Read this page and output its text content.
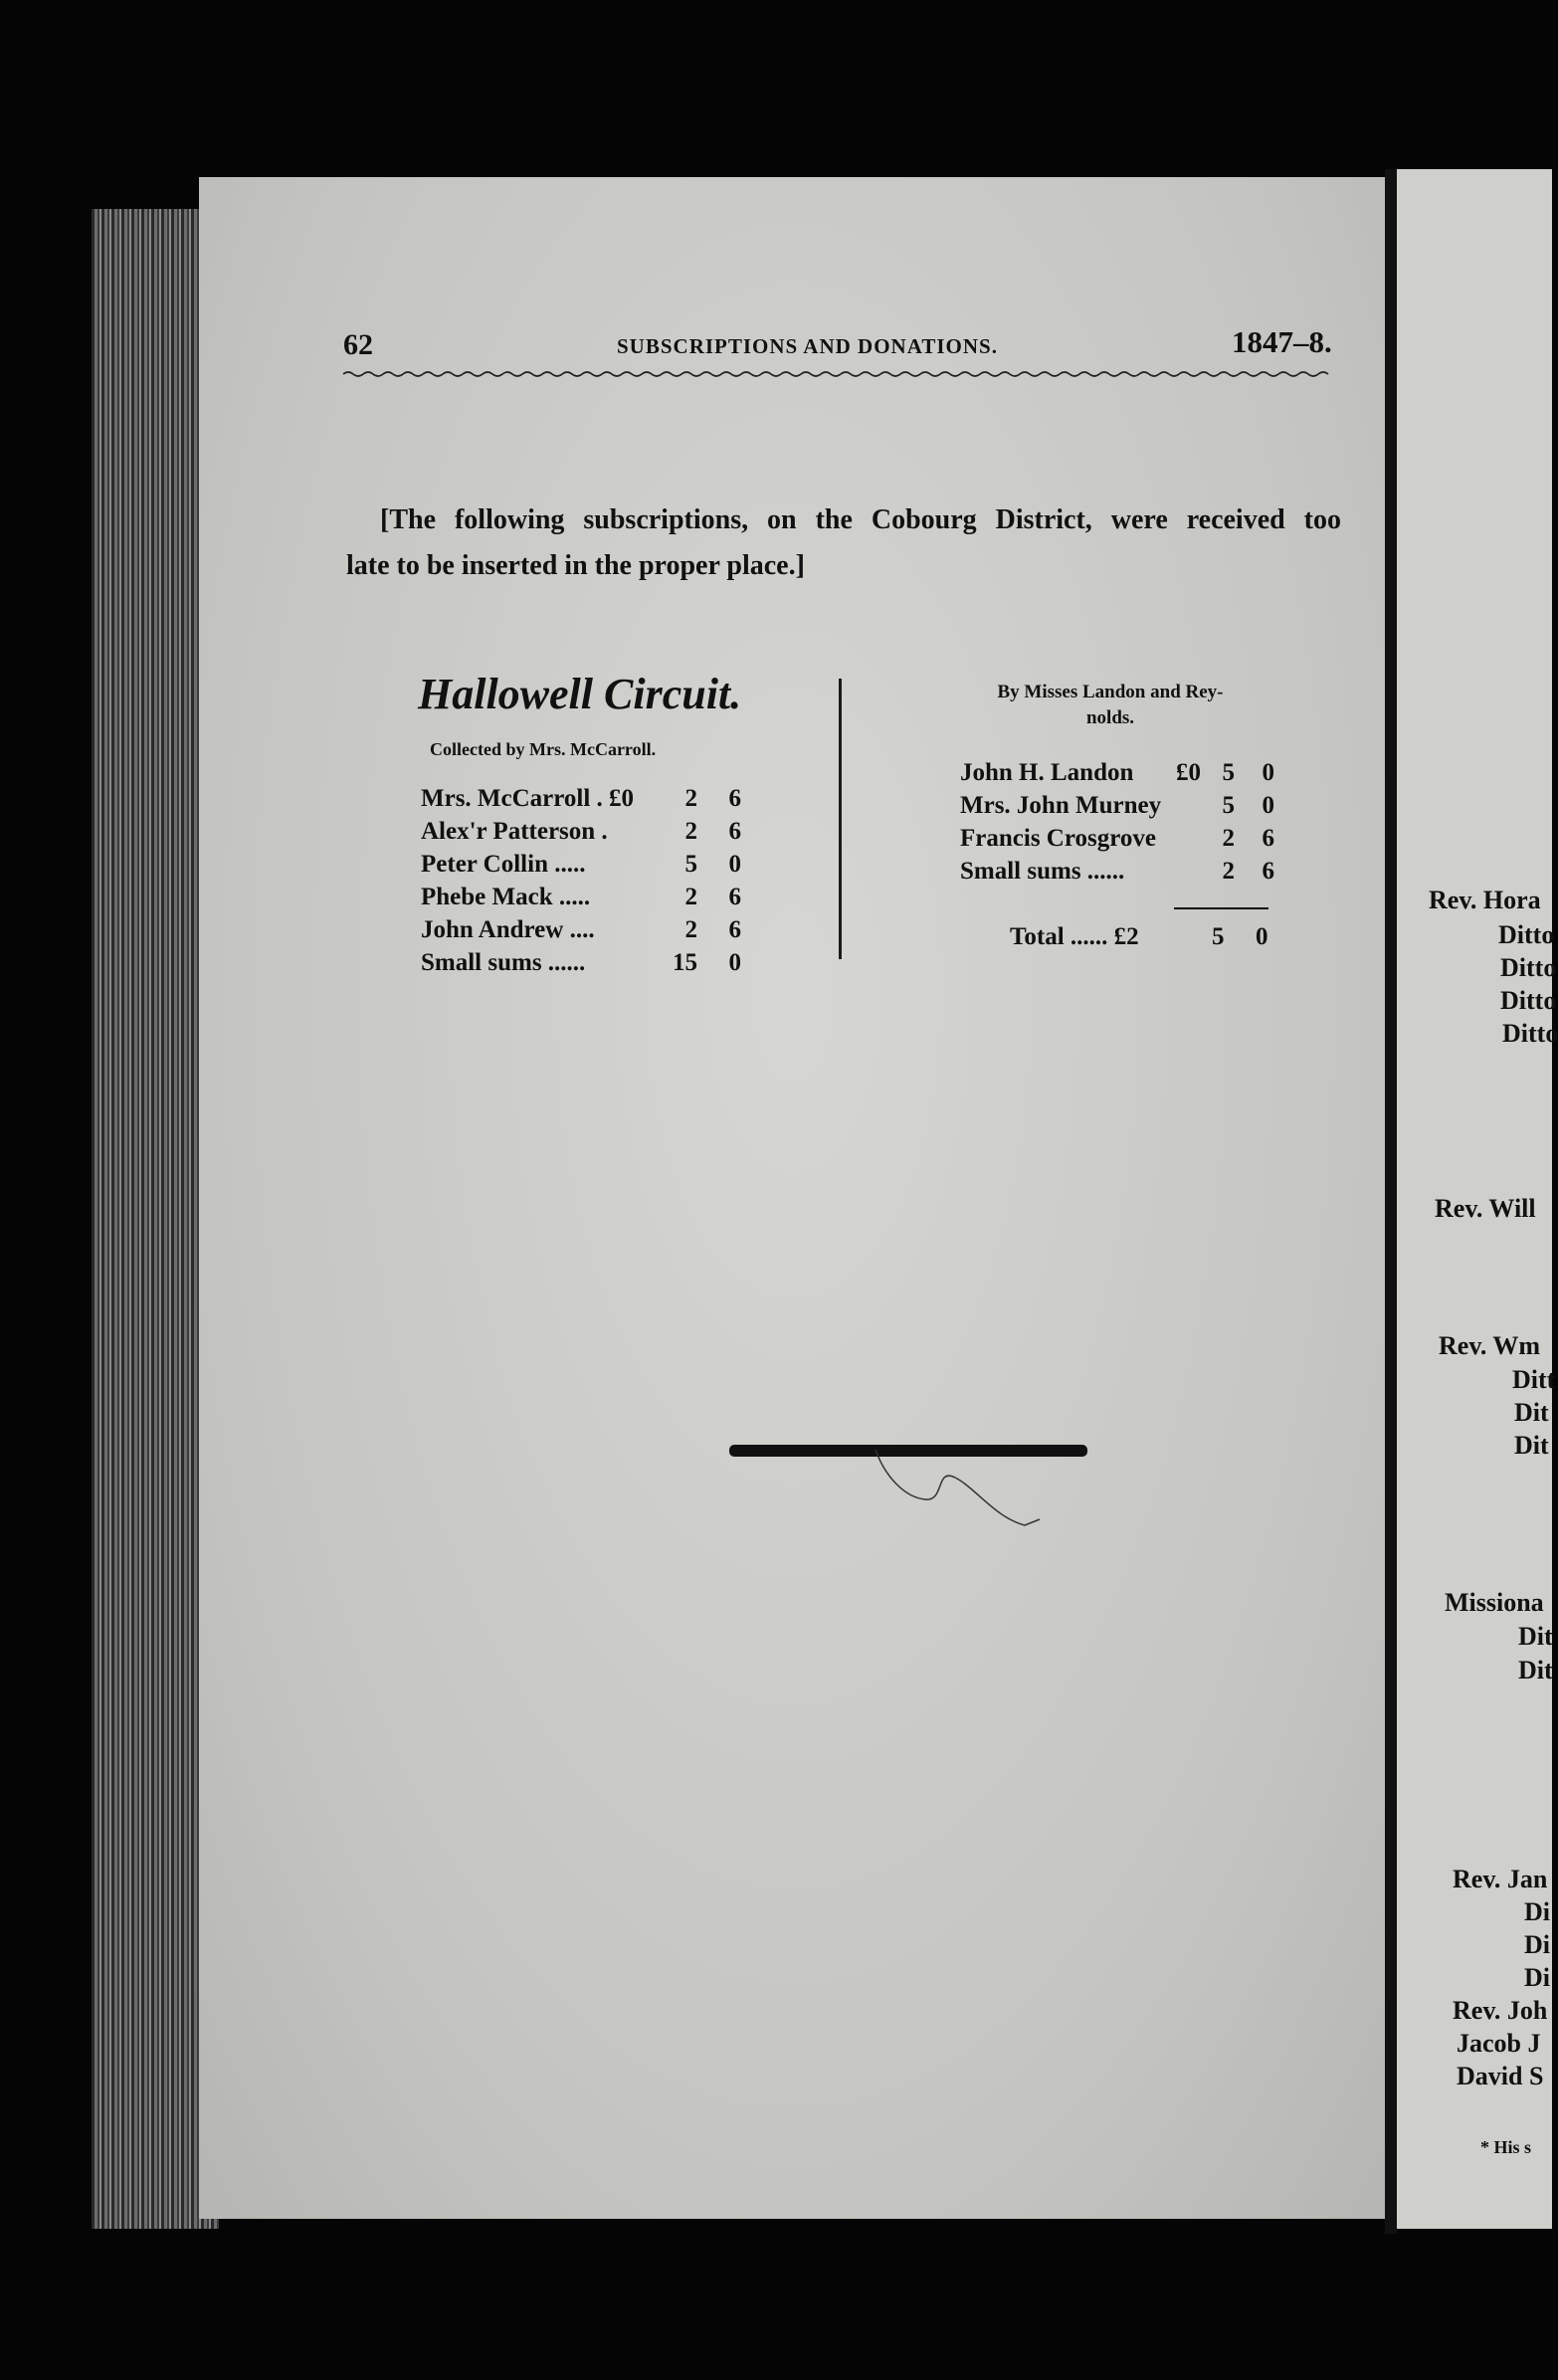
62	SUBSCRIPTIONS AND DONATIONS.	1847–8.
[The following subscriptions, on the Cobourg District, were received too
late to be inserted in the proper place.]
Hallowell Circuit.
Collected by Mrs. McCarroll.
Mrs. McCarroll . £0	2	6
Alex'r Patterson .	2	6
Peter Collin .....	5	0
Phebe Mack .....	2	6
John Andrew ....	2	6
Small sums ......	15	0
By Misses Landon and Rey-
nolds.
John H. Landon	£0 5	0
Mrs. John Murney	5	0
Francis Crosgrove	2	6
Small sums ......	2	6
Total ...... £2	5 0
Rev. Hora
Ditto
Ditto
Ditto
Ditto
Rev. Will
Rev. Wm
Ditt
Dit
Dit
Missiona
Dit
Dit
Rev. Jan
Di
Di
Di
Rev. Joh
Jacob J
David S
* His s
